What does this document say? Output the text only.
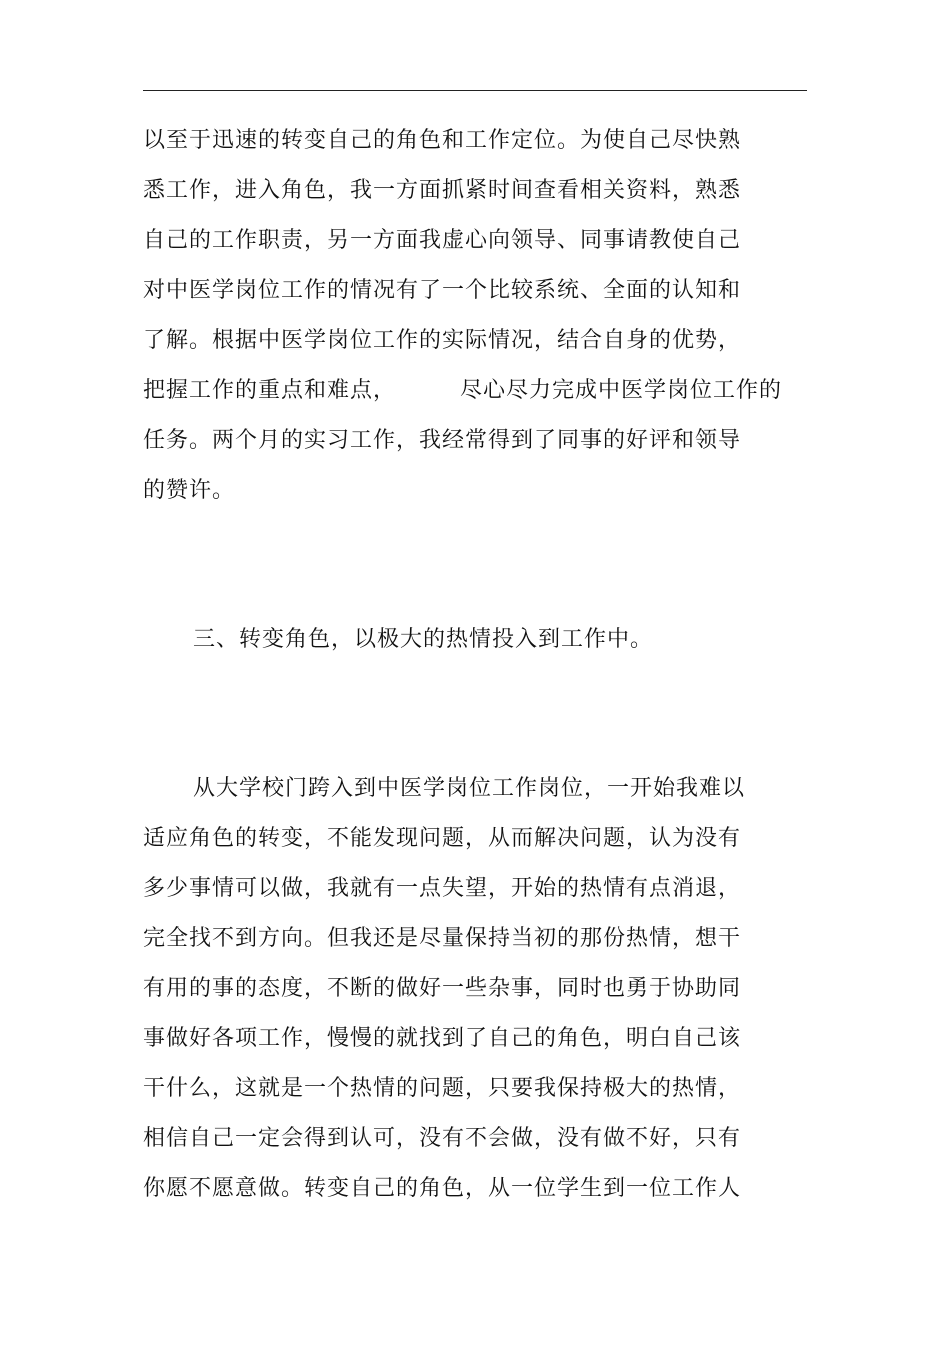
以至于迅速的转变自己的角色和工作定位。为使自己尽快熟
悉工作，进入角色，我一方面抓紧时间查看相关资料，熟悉
自己的工作职责，另一方面我虚心向领导、同事请教使自己
对中医学岗位工作的情况有了一个比较系统、全面的认知和
了解。根据中医学岗位工作的实际情况，结合自身的优势，
把握工作的重点和难点，        尽心尽力完成中医学岗位工作的
任务。两个月的实习工作，我经常得到了同事的好评和领导
的赞许。
三、转变角色，以极大的热情投入到工作中。
从大学校门跨入到中医学岗位工作岗位，一开始我难以
适应角色的转变，不能发现问题，从而解决问题，认为没有
多少事情可以做，我就有一点失望，开始的热情有点消退，
完全找不到方向。但我还是尽量保持当初的那份热情，想干
有用的事的态度，不断的做好一些杂事，同时也勇于协助同
事做好各项工作，慢慢的就找到了自己的角色，明白自己该
干什么，这就是一个热情的问题，只要我保持极大的热情，
相信自己一定会得到认可，没有不会做，没有做不好，只有
你愿不愿意做。转变自己的角色，从一位学生到一位工作人
